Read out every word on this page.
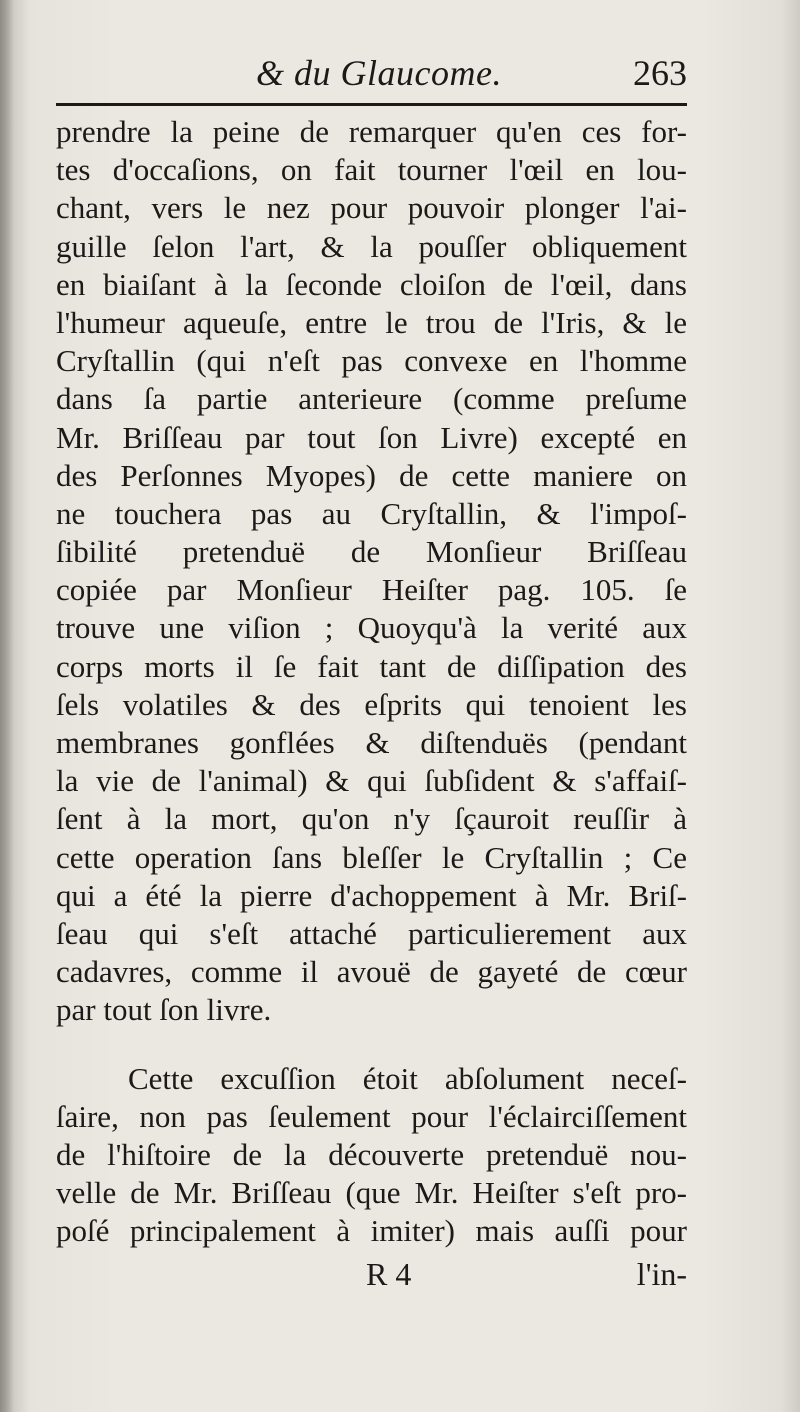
& du Glaucome.	263
prendre la peine de remarquer qu'en ces for-
tes d'occaſions, on fait tourner l'œil en lou-
chant, vers le nez pour pouvoir plonger l'ai-
guille ſelon l'art, & la pouſſer obliquement
en biaiſant à la ſeconde cloiſon de l'œil, dans
l'humeur aqueuſe, entre le trou de l'Iris, & le
Cryſtallin (qui n'eſt pas convexe en l'homme
dans ſa partie anterieure (comme preſume
Mr. Briſſeau par tout ſon Livre) excepté en
des Perſonnes Myopes) de cette maniere on
ne touchera pas au Cryſtallin, & l'impoſ-
ſibilité pretenduë de Monſieur Briſſeau
copiée par Monſieur Heiſter pag. 105. ſe
trouve une viſion ; Quoyqu'à la verité aux
corps morts il ſe fait tant de diſſipation des
ſels volatiles & des eſprits qui tenoient les
membranes gonflées & diſtenduës (pendant
la vie de l'animal) & qui ſubſident & s'affaiſ-
ſent à la mort, qu'on n'y ſçauroit reuſſir à
cette operation ſans bleſſer le Cryſtallin ; Ce
qui a été la pierre d'achoppement à Mr. Briſ-
ſeau qui s'eſt attaché particulierement aux
cadavres, comme il avouë de gayeté de cœur
par tout ſon livre.
Cette excuſſion étoit abſolument neceſ-
ſaire, non pas ſeulement pour l'éclairciſſement
de l'hiſtoire de la découverte pretenduë nou-
velle de Mr. Briſſeau (que Mr. Heiſter s'eſt pro-
poſé principalement à imiter) mais auſſi pour
R 4	l'in-
